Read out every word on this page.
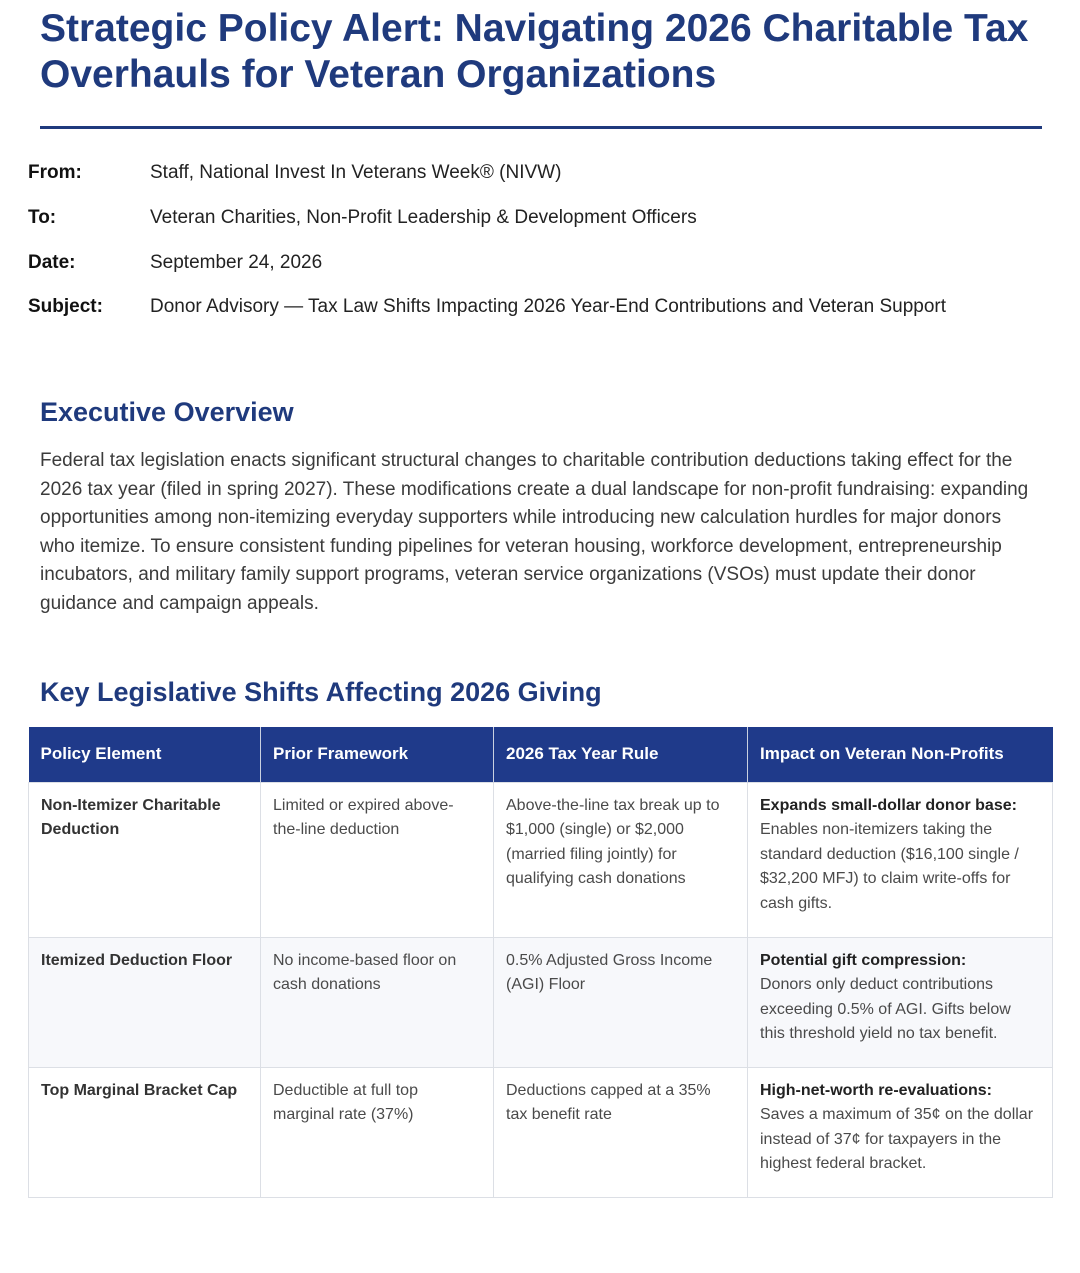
Strategic Policy Alert: Navigating 2026 Charitable Tax Overhauls for Veteran Organizations
From:	Staff, National Invest In Veterans Week® (NIVW)
To:	Veteran Charities, Non-Profit Leadership & Development Officers
Date:	September 24, 2026
Subject: Donor Advisory — Tax Law Shifts Impacting 2026 Year-End Contributions and Veteran Support
Executive Overview

Federal tax legislation enacts significant structural changes to charitable contribution deductions taking effect for the 2026 tax year (filed in spring 2027). These modifications create a dual landscape for non-profit fundraising: expanding opportunities among non-itemizing everyday supporters while introducing new calculation hurdles for major donors who itemize. To ensure consistent funding pipelines for veteran housing, workforce development, entrepreneurship incubators, and military family support programs, veteran service organizations (VSOs) must update their donor guidance and campaign appeals.

Key Legislative Shifts Affecting 2026 Giving
Policy Element	Prior Framework	2026 Tax Year Rule	Impact on Veteran Non-Profits
Non-Itemizer Charitable Deduction	Limited or expired above-the-line deduction	Above-the-line tax break up to $1,000 (single) or $2,000 (married filing jointly) for qualifying cash donations	Expands small-dollar donor base:
Enables non-itemizers taking the standard deduction ($16,100 single / $32,200 MFJ) to claim write-offs for cash gifts.
Itemized Deduction Floor	No income-based floor on cash donations	0.5% Adjusted Gross Income (AGI) Floor	Potential gift compression:
Donors only deduct contributions exceeding 0.5% of AGI. Gifts below this threshold yield no tax benefit.
Top Marginal Bracket Cap	Deductible at full top marginal rate (37%)	Deductions capped at a 35% tax benefit rate	High-net-worth re-evaluations:
Saves a maximum of 35¢ on the dollar instead of 37¢ for taxpayers in the highest federal bracket.
